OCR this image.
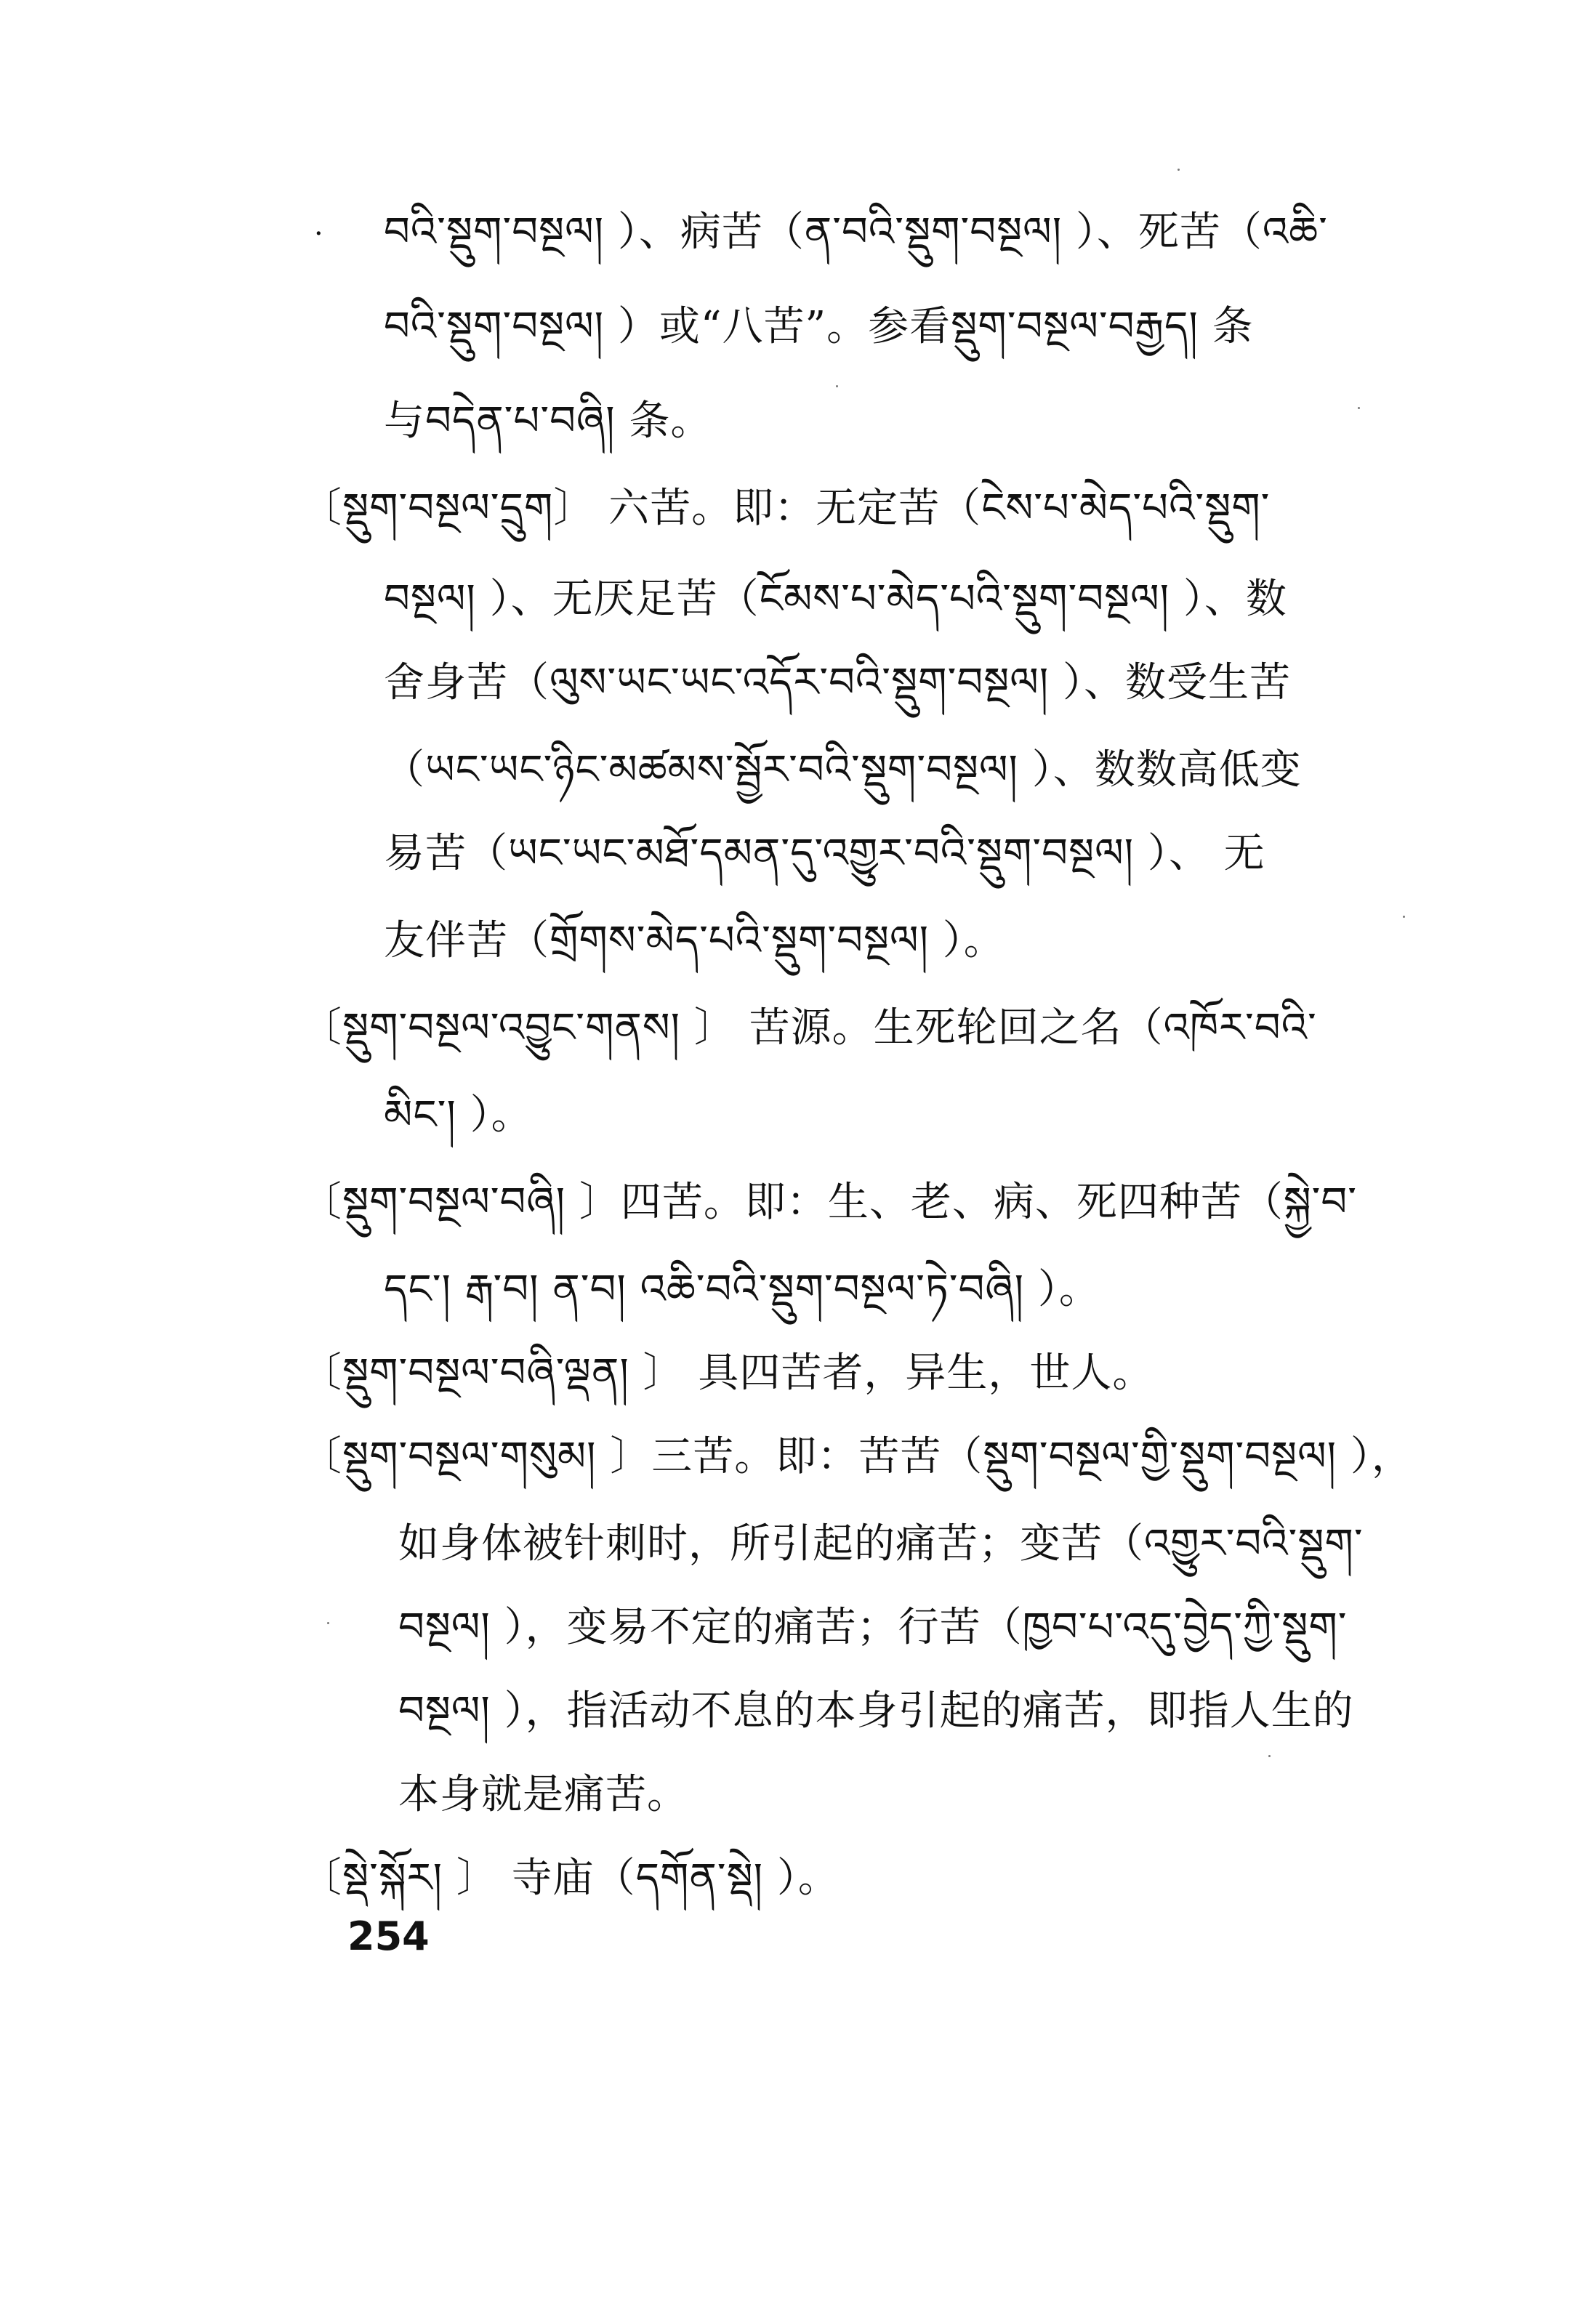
· བའི་སྡུག་བསྔལ། ）、病苦（ན་བའི་སྡུག་བསྔལ། ）、死苦（འཆི་
བའི་སྡུག་བསྔལ། ）或“八苦”。参看སྡུག་བསྔལ་བརྒྱད། 条
与བདེན་པ་བཞི། 条。
〔སྡུག་བསྔལ་དྲུག〕 六苦。即：无定苦（ངེས་པ་མེད་པའི་སྡུག་
བསྔལ། ）、无厌足苦（ངོམས་པ་མེད་པའི་སྡུག་བསྔལ། ）、数
舍身苦（ལུས་ཡང་ཡང་འདོར་བའི་སྡུག་བསྔལ། ）、数受生苦
（ཡང་ཡང་ཉིང་མཚམས་སྦྱོར་བའི་སྡུག་བསྔལ། ）、数数高低变
易苦（ཡང་ཡང་མཐོ་དམན་དུ་འགྱུར་བའི་སྡུག་བསྔལ། ）、 无
友伴苦（གྲོགས་མེད་པའི་སྡུག་བསྔལ། ）。
〔སྡུག་བསྔལ་འབྱུང་གནས། 〕 苦源。生死轮回之名（འཁོར་བའི་
མིང་། ）。
〔སྡུག་བསྔལ་བཞི། 〕四苦。即：生、老、病、死四种苦（སྐྱེ་བ་
དང་། རྒ་བ། ན་བ། འཆི་བའི་སྡུག་བསྔལ་ཏེ་བཞི། ）。
〔སྡུག་བསྔལ་བཞི་ལྡན། 〕 具四苦者，异生，世人。
〔སྡུག་བསྔལ་གསུམ། 〕三苦。即：苦苦（སྡུག་བསྔལ་གྱི་སྡུག་བསྔལ། ），
如身体被针刺时，所引起的痛苦；变苦（འགྱུར་བའི་སྡུག་
བསྔལ། ），变易不定的痛苦；行苦（ཁྱབ་པ་འདུ་བྱེད་ཀྱི་སྡུག་
བསྔལ། ），指活动不息的本身引起的痛苦，即指人生的
本身就是痛苦。
〔སྡེ་སྐོར། 〕 寺庙（དགོན་སྡེ། ）。
254
